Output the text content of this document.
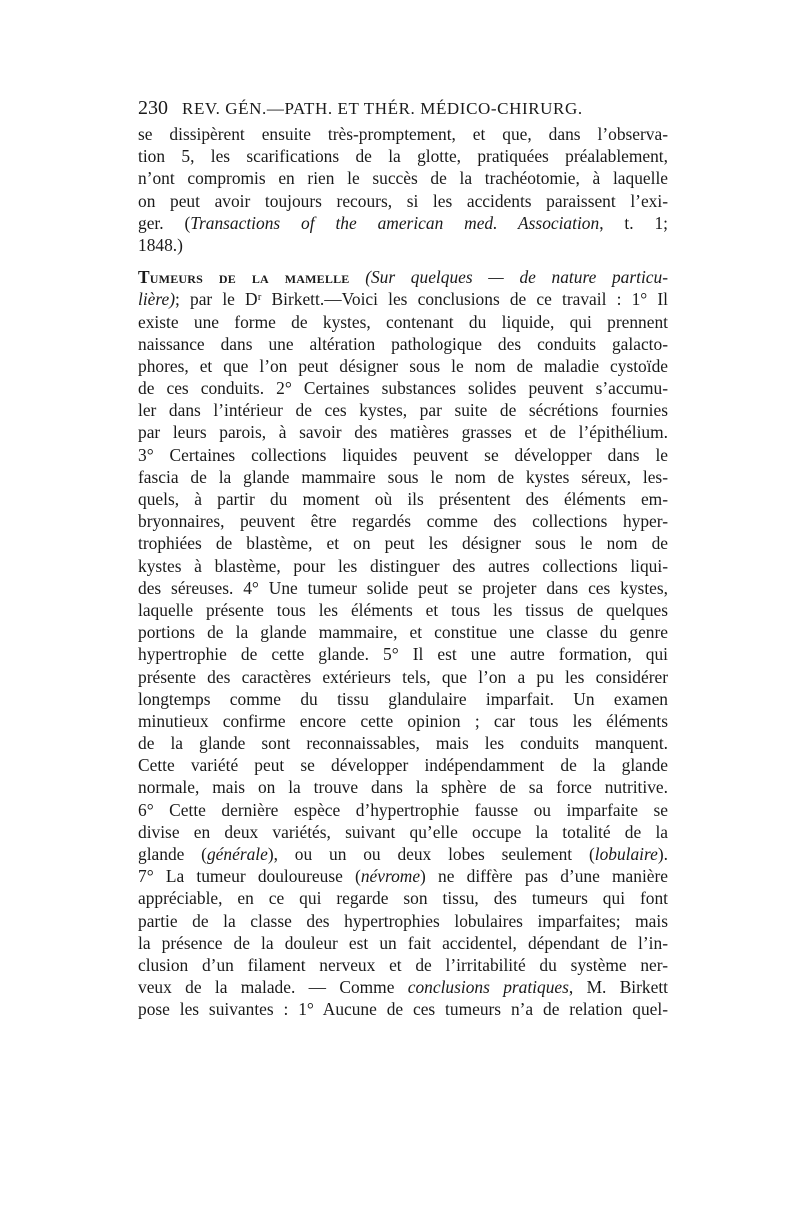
230 REV. GÉN.—PATH. ET THÉR. MÉDICO-CHIRURG.
se dissipèrent ensuite très-promptement, et que, dans l’observa-
tion 5, les scarifications de la glotte, pratiquées préalablement,
n’ont compromis en rien le succès de la trachéotomie, à laquelle
on peut avoir toujours recours, si les accidents paraissent l’exi-
ger. (Transactions of the american med. Association, t. 1;
1848.)
Tumeurs de la mamelle (Sur quelques — de nature particu-
lière); par le Dʳ Birkett.—Voici les conclusions de ce travail : 1° Il
existe une forme de kystes, contenant du liquide, qui prennent
naissance dans une altération pathologique des conduits galacto-
phores, et que l’on peut désigner sous le nom de maladie cystoïde
de ces conduits. 2° Certaines substances solides peuvent s’accumu-
ler dans l’intérieur de ces kystes, par suite de sécrétions fournies
par leurs parois, à savoir des matières grasses et de l’épithélium.
3° Certaines collections liquides peuvent se développer dans le
fascia de la glande mammaire sous le nom de kystes séreux, les-
quels, à partir du moment où ils présentent des éléments em-
bryonnaires, peuvent être regardés comme des collections hyper-
trophiées de blastème, et on peut les désigner sous le nom de
kystes à blastème, pour les distinguer des autres collections liqui-
des séreuses. 4° Une tumeur solide peut se projeter dans ces kystes,
laquelle présente tous les éléments et tous les tissus de quelques
portions de la glande mammaire, et constitue une classe du genre
hypertrophie de cette glande. 5° Il est une autre formation, qui
présente des caractères extérieurs tels, que l’on a pu les considérer
longtemps comme du tissu glandulaire imparfait. Un examen
minutieux confirme encore cette opinion ; car tous les éléments
de la glande sont reconnaissables, mais les conduits manquent.
Cette variété peut se développer indépendamment de la glande
normale, mais on la trouve dans la sphère de sa force nutritive.
6° Cette dernière espèce d’hypertrophie fausse ou imparfaite se
divise en deux variétés, suivant qu’elle occupe la totalité de la
glande (générale), ou un ou deux lobes seulement (lobulaire).
7° La tumeur douloureuse (névrome) ne diffère pas d’une manière
appréciable, en ce qui regarde son tissu, des tumeurs qui font
partie de la classe des hypertrophies lobulaires imparfaites; mais
la présence de la douleur est un fait accidentel, dépendant de l’in-
clusion d’un filament nerveux et de l’irritabilité du système ner-
veux de la malade. — Comme conclusions pratiques, M. Birkett
pose les suivantes : 1° Aucune de ces tumeurs n’a de relation quel-
